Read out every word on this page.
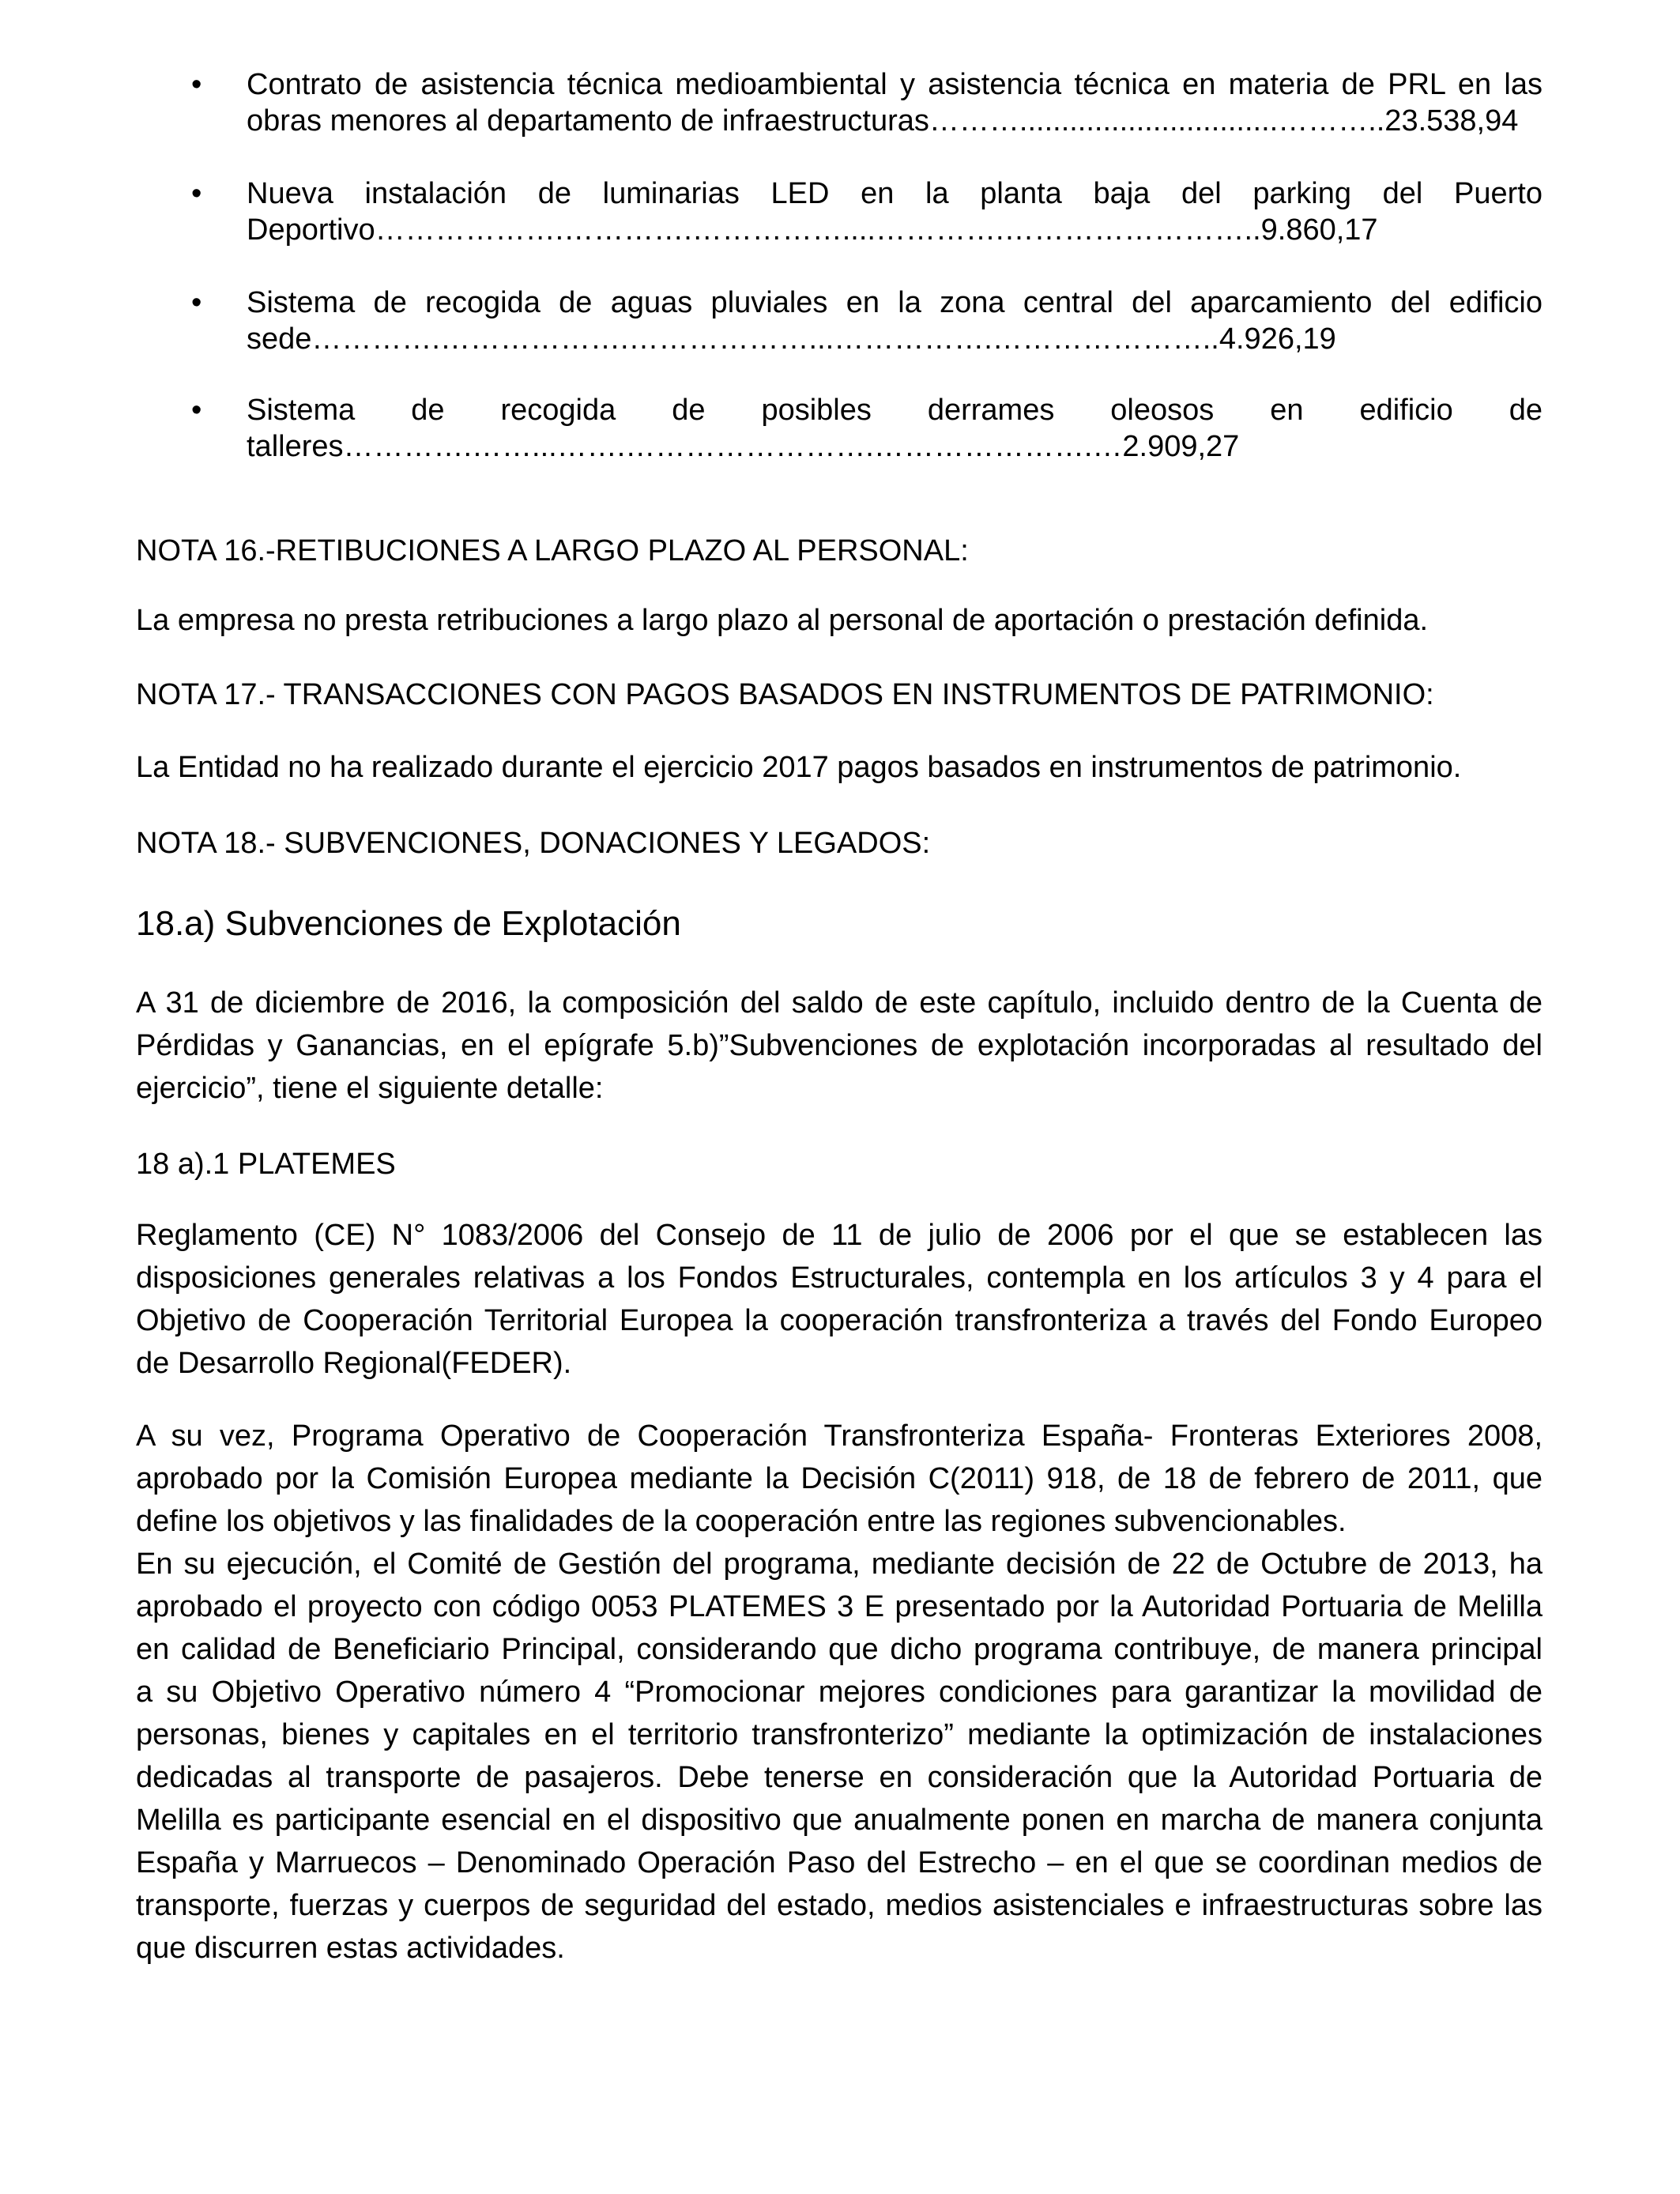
• Contrato de asistencia técnica medioambiental y asistencia técnica en materia de PRL en las
obras menores al departamento de infraestructuras………...............................………..23.538,94
• Nueva instalación de luminarias LED en la planta baja del parking del Puerto
Deportivo……………….………….……………....………….……………………..9.860,17
• Sistema de recogida de aguas pluviales en la zona central del aparcamiento del edificio
sede………….……………….………………...…………….…………………..4.926,19
• Sistema de recogida de posibles derrames oleosos en edificio de
talleres………….……...…….…………………….………………….…2.909,27
NOTA 16.-RETIBUCIONES A LARGO PLAZO AL PERSONAL:
La empresa no presta retribuciones a largo plazo al personal de aportación o prestación definida.
NOTA 17.- TRANSACCIONES CON PAGOS BASADOS EN INSTRUMENTOS DE PATRIMONIO:
La Entidad no ha realizado durante el ejercicio 2017 pagos basados en instrumentos de patrimonio.
NOTA 18.- SUBVENCIONES, DONACIONES Y LEGADOS:
18.a) Subvenciones de Explotación
A 31 de diciembre de 2016, la composición del saldo de este capítulo, incluido dentro de la Cuenta de
Pérdidas y Ganancias, en el epígrafe 5.b)”Subvenciones de explotación incorporadas al resultado del
ejercicio”, tiene el siguiente detalle:
18 a).1 PLATEMES
Reglamento (CE) N° 1083/2006 del Consejo de 11 de julio de 2006 por el que se establecen las
disposiciones generales relativas a los Fondos Estructurales, contempla en los artículos 3 y 4 para el
Objetivo de Cooperación Territorial Europea la cooperación transfronteriza a través del Fondo Europeo
de Desarrollo Regional(FEDER).
A su vez, Programa Operativo de Cooperación Transfronteriza España- Fronteras Exteriores 2008,
aprobado por la Comisión Europea mediante la Decisión C(2011) 918, de 18 de febrero de 2011, que
define los objetivos y las finalidades de la cooperación entre las regiones subvencionables.
En su ejecución, el Comité de Gestión del programa, mediante decisión de 22 de Octubre de 2013, ha
aprobado el proyecto con código 0053 PLATEMES 3 E presentado por la Autoridad Portuaria de Melilla
en calidad de Beneficiario Principal, considerando que dicho programa contribuye, de manera principal
a su Objetivo Operativo número 4 “Promocionar mejores condiciones para garantizar la movilidad de
personas, bienes y capitales en el territorio transfronterizo” mediante la optimización de instalaciones
dedicadas al transporte de pasajeros. Debe tenerse en consideración que la Autoridad Portuaria de
Melilla es participante esencial en el dispositivo que anualmente ponen en marcha de manera conjunta
España y Marruecos – Denominado Operación Paso del Estrecho – en el que se coordinan medios de
transporte, fuerzas y cuerpos de seguridad del estado, medios asistenciales e infraestructuras sobre las
que discurren estas actividades.
